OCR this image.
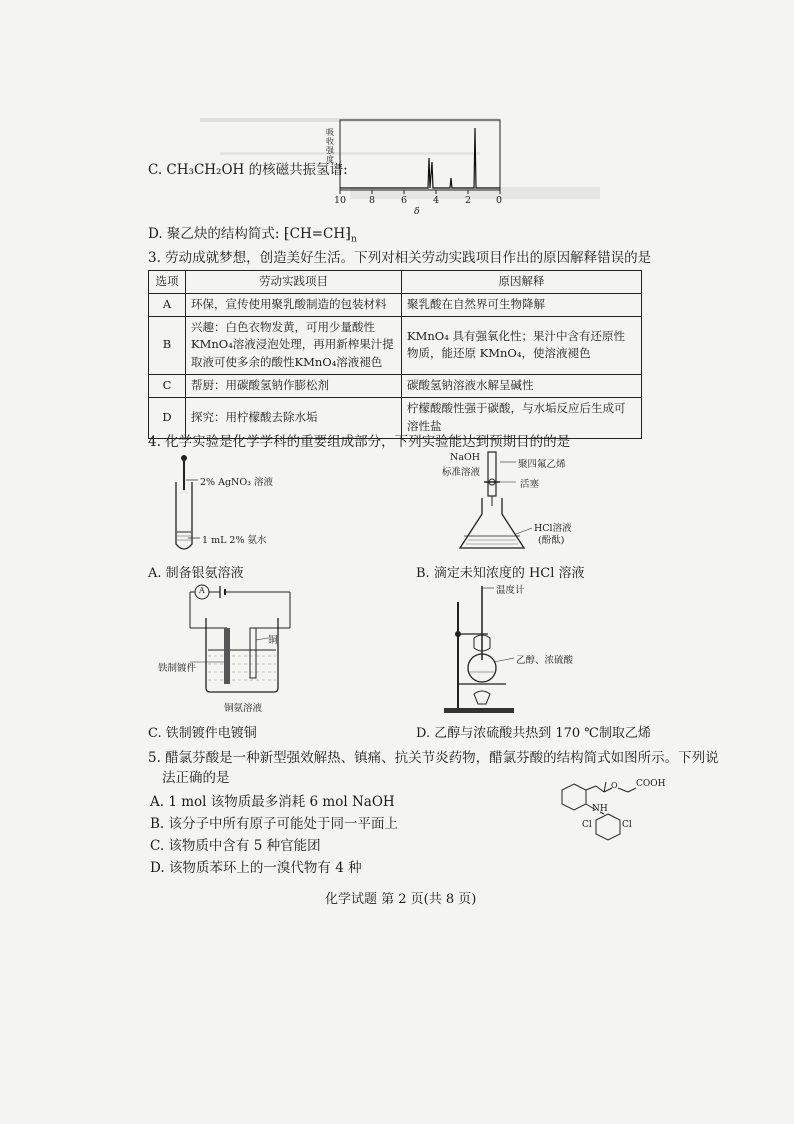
C. CH₃CH₂OH 的核磁共振氢谱:
吸收强度
10 8	6	4	2	0
δ
D. 聚乙炔的结构简式: $⁅CH=CH⁆_n$
3. 劳动成就梦想，创造美好生活。下列对相关劳动实践项目作出的原因解释错误的是
选项	劳动实践项目	原因解释
A	环保，宣传使用聚乳酸制造的包装材料	聚乳酸在自然界可生物降解
B	兴趣：白色衣物发黄，可用少量酸性KMnO₄溶液浸泡处理，再用新榨果汁提取液可使多余的酸性KMnO₄溶液褪色	KMnO₄ 具有强氧化性；果汁中含有还原性物质，能还原 KMnO₄，使溶液褪色
C	帮厨：用碳酸氢钠作膨松剂	碳酸氢钠溶液水解呈碱性
D	探究：用柠檬酸去除水垢	柠檬酸酸性强于碳酸，与水垢反应后生成可溶性盐
4. 化学实验是化学学科的重要组成部分，下列实验能达到预期目的的是
2% AgNO₃ 溶液
1 mL 2% 氨水
A. 制备银氨溶液
NaOH
标准溶液
聚四氟乙烯
活塞
HCl溶液
(酚酞)
B. 滴定未知浓度的 HCl 溶液
A
铁制镀件
铜
铜氨溶液
C. 铁制镀件电镀铜
温度计
乙醇、浓硫酸
D. 乙醇与浓硫酸共热到 170 ℃制取乙烯
5. 醋氯芬酸是一种新型强效解热、镇痛、抗关节炎药物，醋氯芬酸的结构简式如图所示。下列说
法正确的是
A. 1 mol 该物质最多消耗 6 mol NaOH
B. 该分子中所有原子可能处于同一平面上
C. 该物质中含有 5 种官能团
D. 该物质苯环上的一溴代物有 4 种
O COOH
NH
Cl	Cl
化学试题 第 2 页(共 8 页)
